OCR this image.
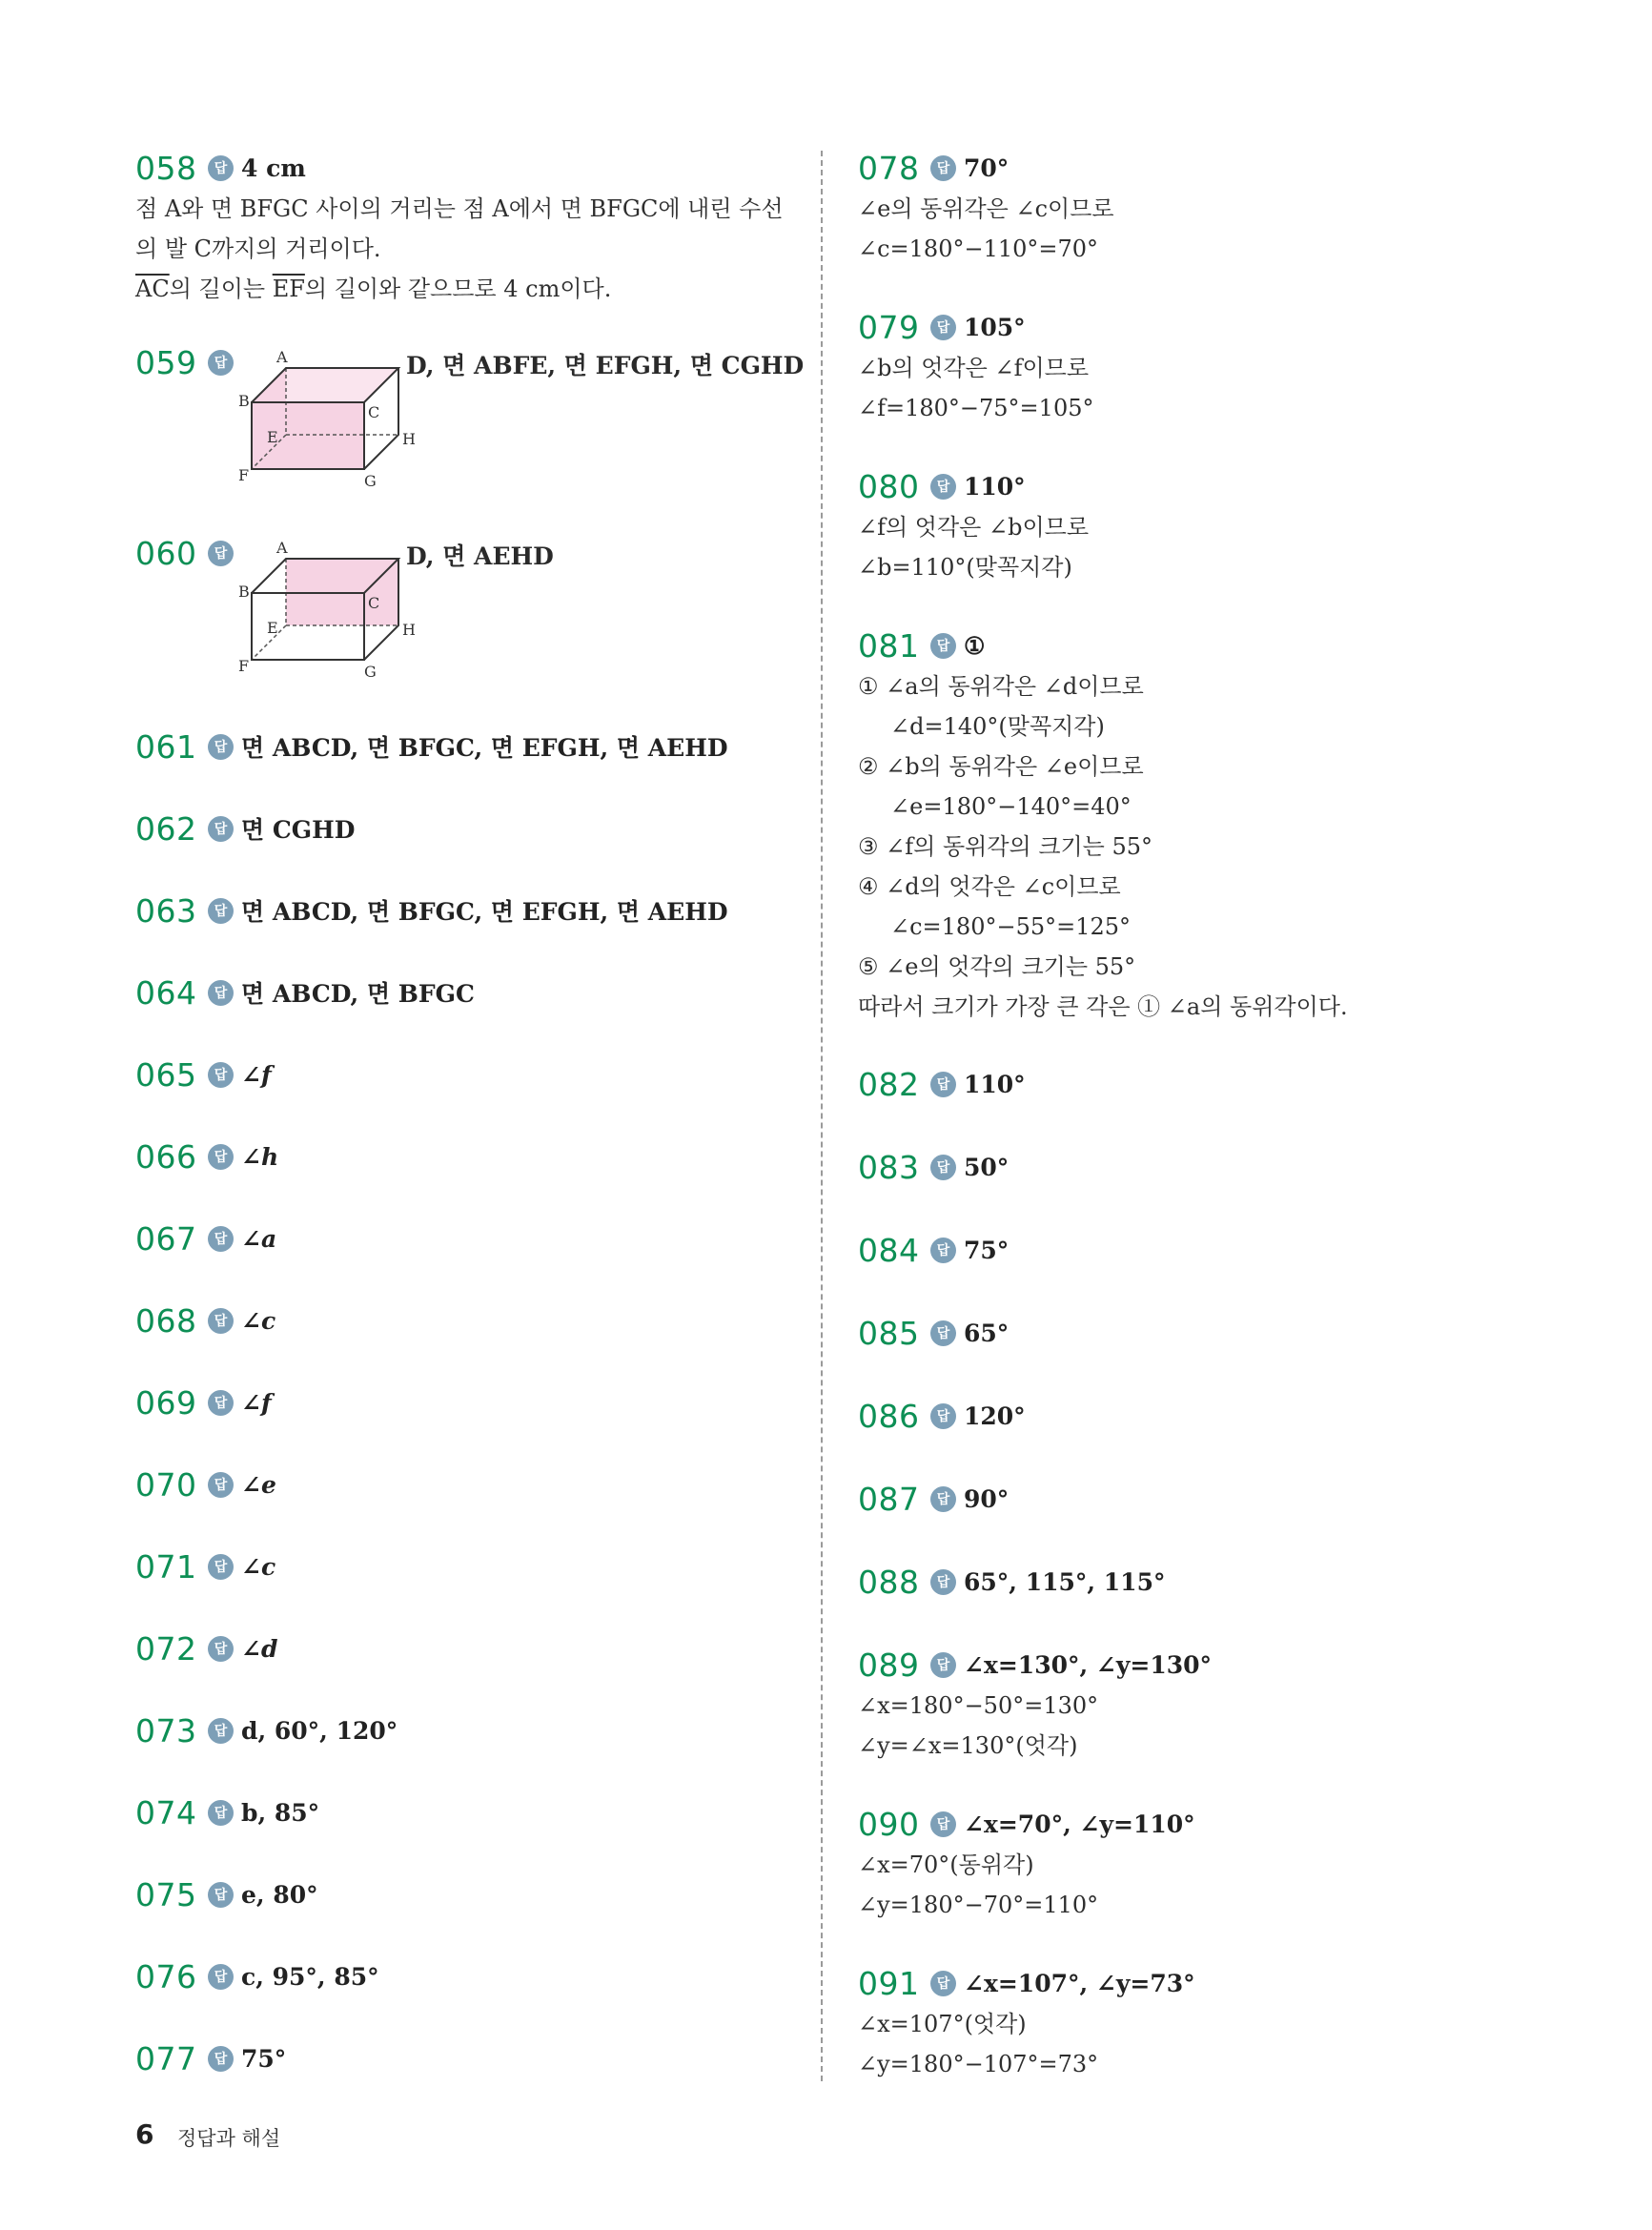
058	답 4 cm
점 A와 면 BFGC 사이의 거리는 점 A에서 면 BFGC에 내린 수선
의 발 C까지의 거리이다.
$\overline{AC}$의 길이는 $\overline{EF}$의 길이와 같으므로 4 cm이다.
059	답	A
B
C
E
F	G
H
D, 면 ABFE, 면 EFGH, 면 CGHD
060	답	A
B
C
E
F	G
H
D, 면 AEHD
061	답 면 ABCD, 면 BFGC, 면 EFGH, 면 AEHD
062	답 면 CGHD
063	답 면 ABCD, 면 BFGC, 면 EFGH, 면 AEHD
064	답 면 ABCD, 면 BFGC
065	답 ∠f
066	답 ∠h
067	답 ∠a
068	답 ∠c
069	답 ∠f
070	답 ∠e
071	답 ∠c
072	답 ∠d
073	답 d, 60°, 120°
074	답 b, 85°
075	답 e, 80°
076	답 c, 95°, 85°
077	답 75°
078	답 70°
∠e의 동위각은 ∠c이므로
∠c=180°−110°=70°
079	답 105°
∠b의 엇각은 ∠f이므로
∠f=180°−75°=105°
080	답 110°
∠f의 엇각은 ∠b이므로
∠b=110°(맞꼭지각)
081	답 ①
① ∠a의 동위각은 ∠d이므로
∠d=140°(맞꼭지각)
② ∠b의 동위각은 ∠e이므로
∠e=180°−140°=40°
③ ∠f의 동위각의 크기는 55°
④ ∠d의 엇각은 ∠c이므로
∠c=180°−55°=125°
⑤ ∠e의 엇각의 크기는 55°
따라서 크기가 가장 큰 각은 ① ∠a의 동위각이다.
082	답 110°
083	답 50°
084	답 75°
085	답 65°
086	답 120°
087	답 90°
088	답 65°, 115°, 115°
089	답 ∠x=130°, ∠y=130°
∠x=180°−50°=130°
∠y=∠x=130°(엇각)
090	답 ∠x=70°, ∠y=110°
∠x=70°(동위각)
∠y=180°−70°=110°
091	답 ∠x=107°, ∠y=73°
∠x=107°(엇각)
∠y=180°−107°=73°
6 정답과 해설
